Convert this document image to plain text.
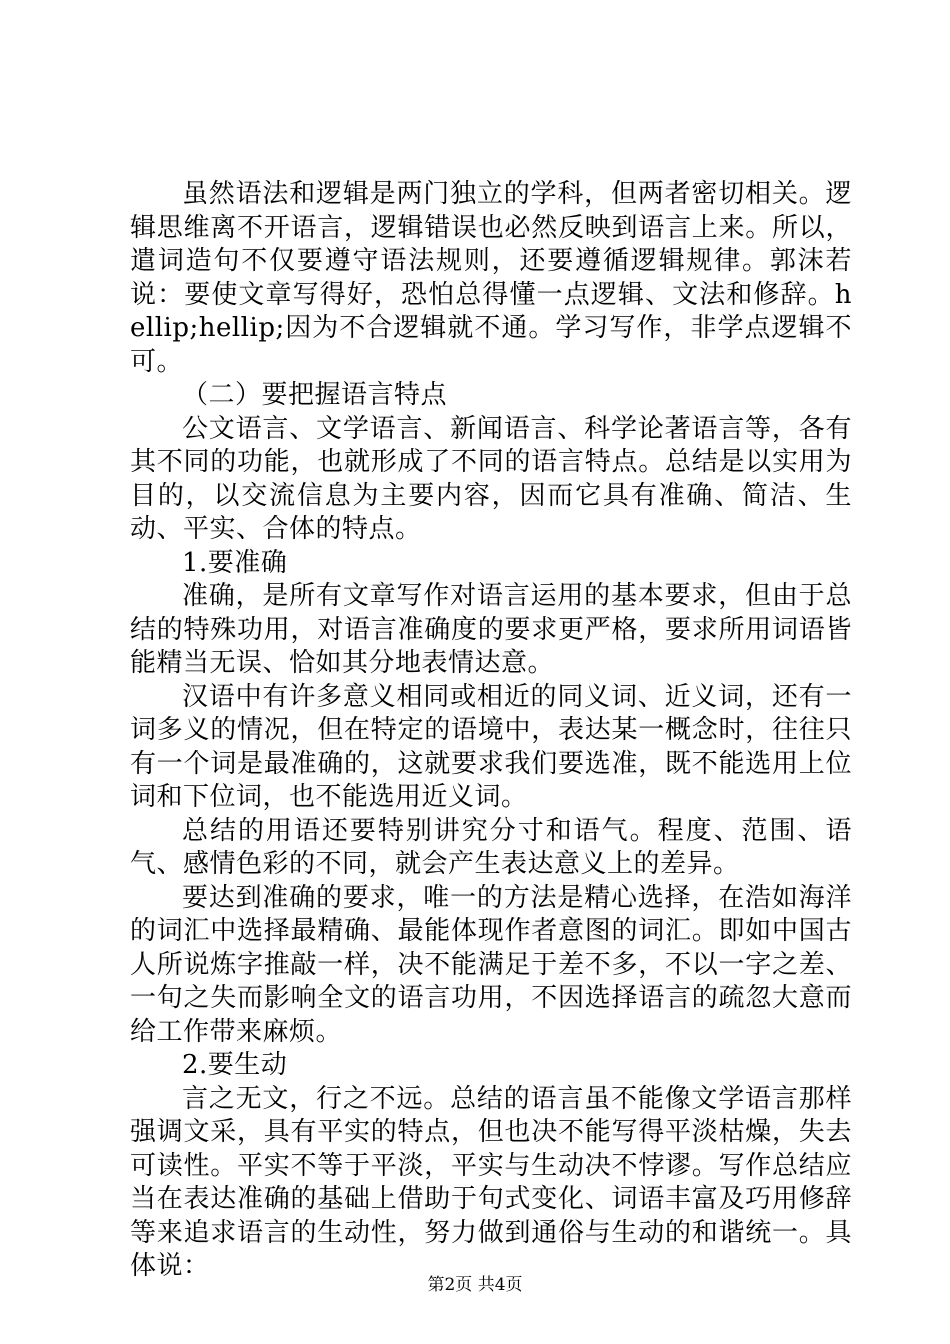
虽然语法和逻辑是两门独立的学科，但两者密切相关。逻辑思维离不开语言，逻辑错误也必然反映到语言上来。所以，遣词造句不仅要遵守语法规则，还要遵循逻辑规律。郭沫若说：要使文章写得好，恐怕总得懂一点逻辑、文法和修辞。hellip;hellip;因为不合逻辑就不通。学习写作，非学点逻辑不可。

（二）要把握语言特点

公文语言、文学语言、新闻语言、科学论著语言等，各有其不同的功能，也就形成了不同的语言特点。总结是以实用为目的，以交流信息为主要内容，因而它具有准确、简洁、生动、平实、合体的特点。

1.要准确

准确，是所有文章写作对语言运用的基本要求，但由于总结的特殊功用，对语言准确度的要求更严格，要求所用词语皆能精当无误、恰如其分地表情达意。

汉语中有许多意义相同或相近的同义词、近义词，还有一词多义的情况，但在特定的语境中，表达某一概念时，往往只有一个词是最准确的，这就要求我们要选准，既不能选用上位词和下位词，也不能选用近义词。

总结的用语还要特别讲究分寸和语气。程度、范围、语气、感情色彩的不同，就会产生表达意义上的差异。

要达到准确的要求，唯一的方法是精心选择，在浩如海洋的词汇中选择最精确、最能体现作者意图的词汇。即如中国古人所说炼字推敲一样，决不能满足于差不多，不以一字之差、一句之失而影响全文的语言功用，不因选择语言的疏忽大意而给工作带来麻烦。

2.要生动

言之无文，行之不远。总结的语言虽不能像文学语言那样强调文采，具有平实的特点，但也决不能写得平淡枯燥，失去可读性。平实不等于平淡，平实与生动决不悖谬。写作总结应当在表达准确的基础上借助于句式变化、词语丰富及巧用修辞等来追求语言的生动性，努力做到通俗与生动的和谐统一。具体说：

第2页 共4页
